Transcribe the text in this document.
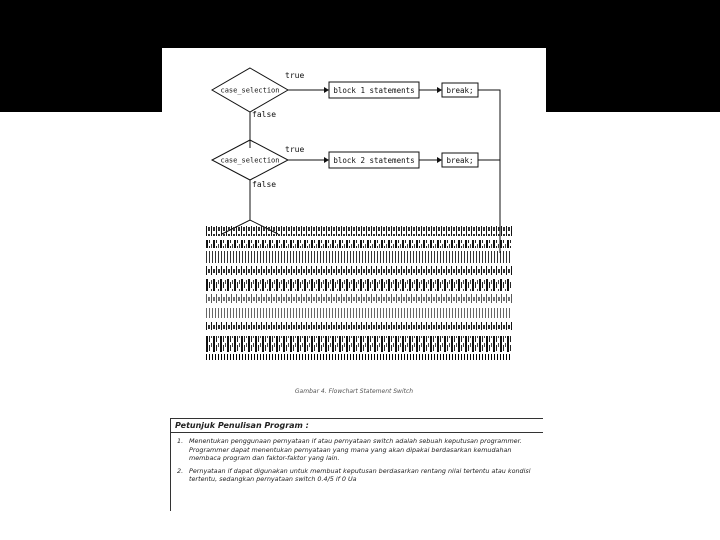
case_selection
true
block 1 statements	break;
false
case_selection
true
block 2 statements	break;
false
Gambar 4. Flowchart Statement Switch
Petunjuk Penulisan Program :
1. Menentukan penggunaan pernyataan if atau pernyataan switch adalah sebuah keputusan programmer. Programmer dapat menentukan pernyataan yang mana yang akan dipakai berdasarkan kemudahan membaca program dan faktor-faktor yang lain.
2. Pernyataan if dapat digunakan untuk membuat keputusan berdasarkan rentang nilai tertentu atau kondisi tertentu, sedangkan pernyataan switch 0.4/5 if 0 Ua
